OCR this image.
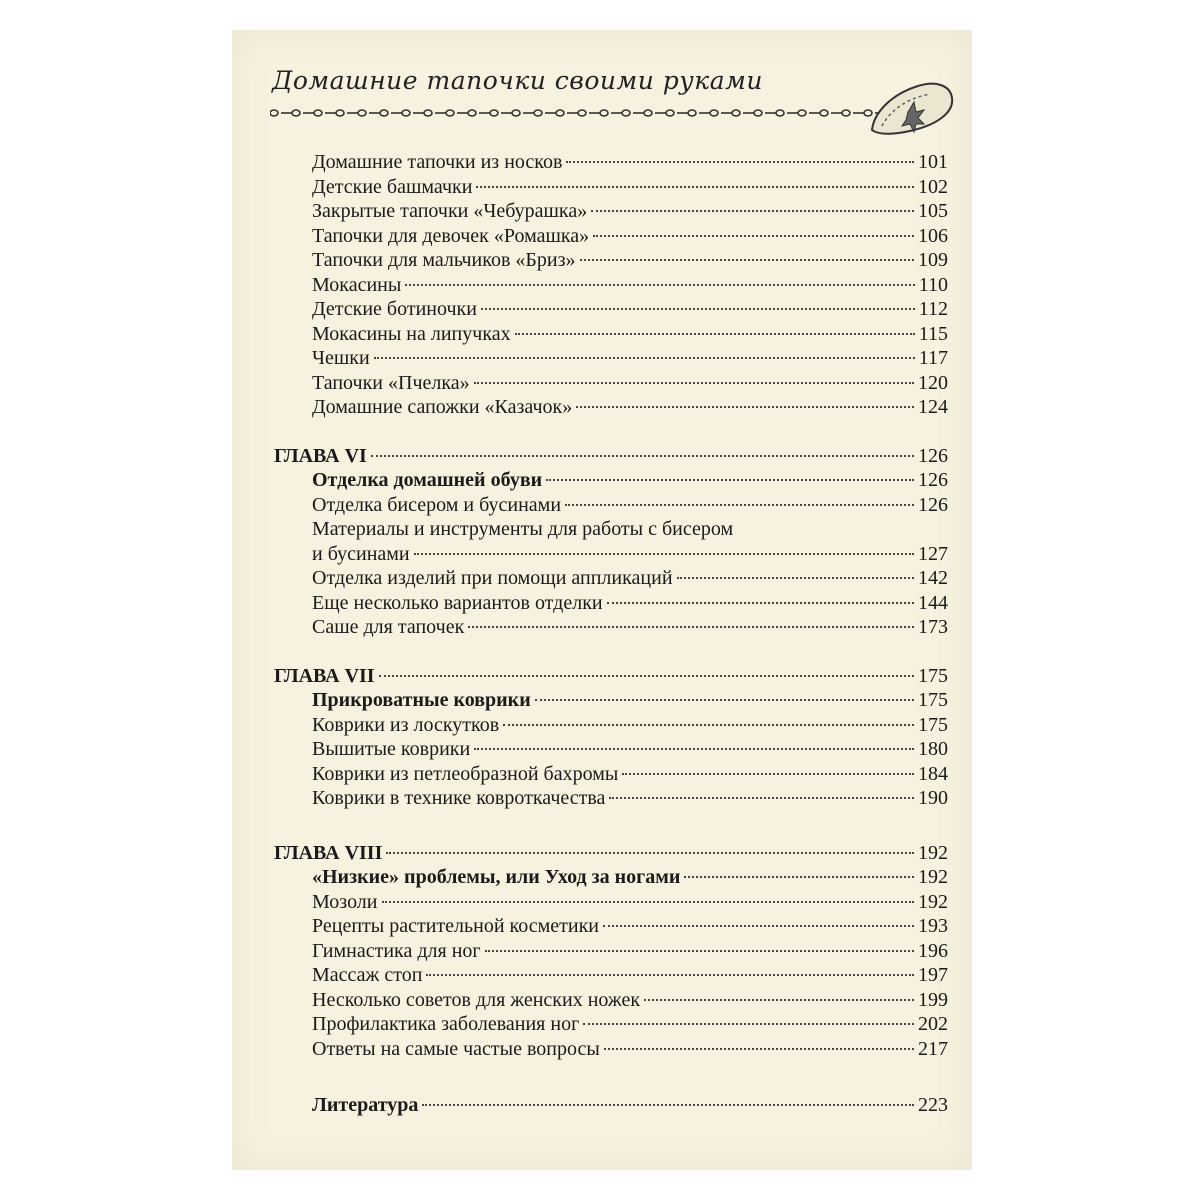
Домашние тапочки своими руками
Домашние тапочки из носков	101
Детские башмачки	102
Закрытые тапочки «Чебурашка»	105
Тапочки для девочек «Ромашка»	106
Тапочки для мальчиков «Бриз»	109
Мокасины	110
Детские ботиночки	112
Мокасины на липучках	115
Чешки	117
Тапочки «Пчелка»	120
Домашние сапожки «Казачок»	124
ГЛАВА VI	126
Отделка домашней обуви	126
Отделка бисером и бусинами	126
Материалы и инструменты для работы с бисером
и бусинами	127
Отделка изделий при помощи аппликаций	142
Еще несколько вариантов отделки	144
Саше для тапочек	173
ГЛАВА VII	175
Прикроватные коврики	175
Коврики из лоскутков	175
Вышитые коврики	180
Коврики из петлеобразной бахромы	184
Коврики в технике ковроткачества	190
ГЛАВА VIII	192
«Низкие» проблемы, или Уход за ногами	192
Мозоли	192
Рецепты растительной косметики	193
Гимнастика для ног	196
Массаж стоп	197
Несколько советов для женских ножек	199
Профилактика заболевания ног	202
Ответы на самые частые вопросы	217
Литература	223
